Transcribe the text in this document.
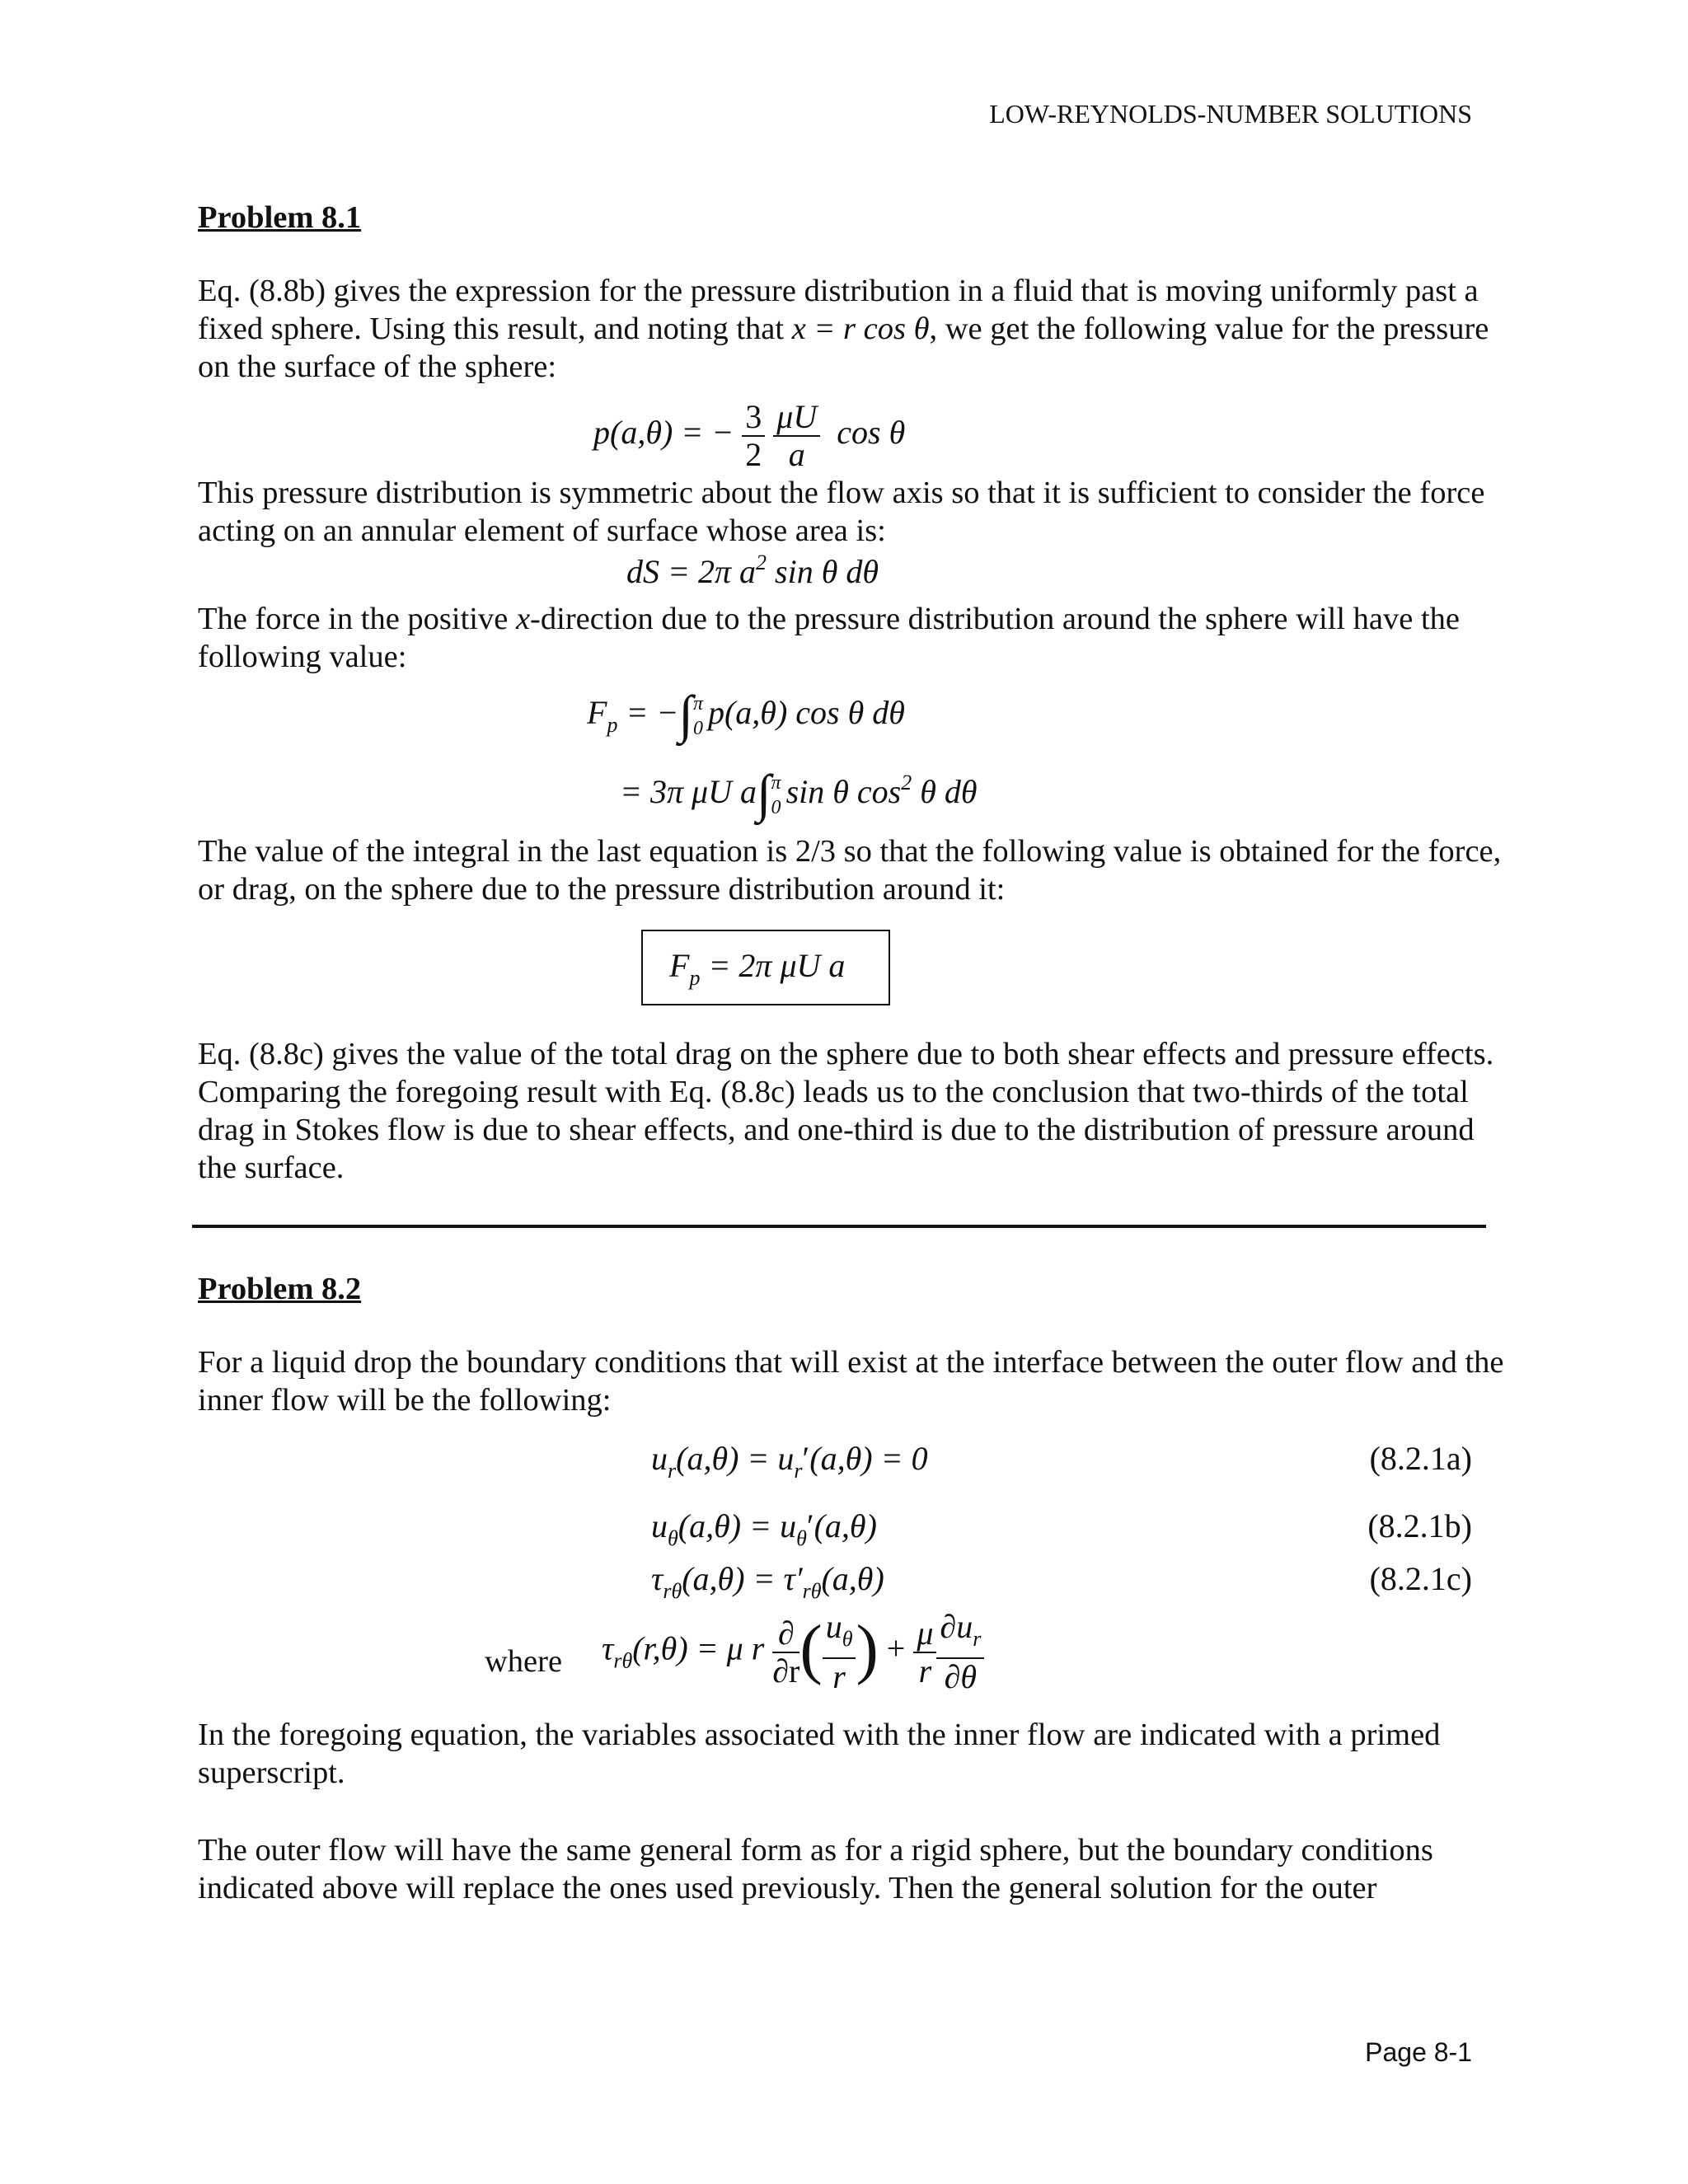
LOW-REYNOLDS-NUMBER SOLUTIONS
Problem 8.1
Eq. (8.8b) gives the expression for the pressure distribution in a fluid that is moving uniformly past a fixed sphere. Using this result, and noting that x = r cos θ, we get the following value for the pressure on the surface of the sphere:
p(a,θ) = − $\frac{3}{2}$
$\frac{\mu U}{a}$ cos θ
This pressure distribution is symmetric about the flow axis so that it is sufficient to consider the force acting on an annular element of surface whose area is:
dS = 2π $a^2$ sin θ dθ
The force in the positive x-direction due to the pressure distribution around the sphere will have the following value:
$F_p$ = −∫ π
0 p(a,θ) cos θ dθ
= 3π μU a∫ π
0 sin θ $\cos^2 \theta$ dθ
The value of the integral in the last equation is 2/3 so that the following value is obtained for the force, or drag, on the sphere due to the pressure distribution around it:
$F_p = 2\pi$ μU a
Eq. (8.8c) gives the value of the total drag on the sphere due to both shear effects and pressure effects. Comparing the foregoing result with Eq. (8.8c) leads us to the conclusion that two-thirds of the total drag in Stokes flow is due to shear effects, and one-third is due to the distribution of pressure around the surface.
Problem 8.2
For a liquid drop the boundary conditions that will exist at the interface between the outer flow and the inner flow will be the following:
$u_r(a,\theta) = u_r'(a,\theta) = 0$	(8.2.1a)
$u_\theta(a,\theta) = u_\theta'(a,\theta)$	(8.2.1b)
$\tau_{r\theta}(a,\theta) = \tau'_{r\theta}(a,\theta)$	(8.2.1c)
where $\tau_{r\theta}(r,\theta) = \mu$ r $\frac{\partial}{\partial r}$ ( $\frac{u_\theta}{r}$ ) + $\frac{\mu}{r} \frac{\partial u_r}{\partial\theta}$
In the foregoing equation, the variables associated with the inner flow are indicated with a primed superscript.
The outer flow will have the same general form as for a rigid sphere, but the boundary conditions indicated above will replace the ones used previously. Then the general solution for the outer
Page 8-1
